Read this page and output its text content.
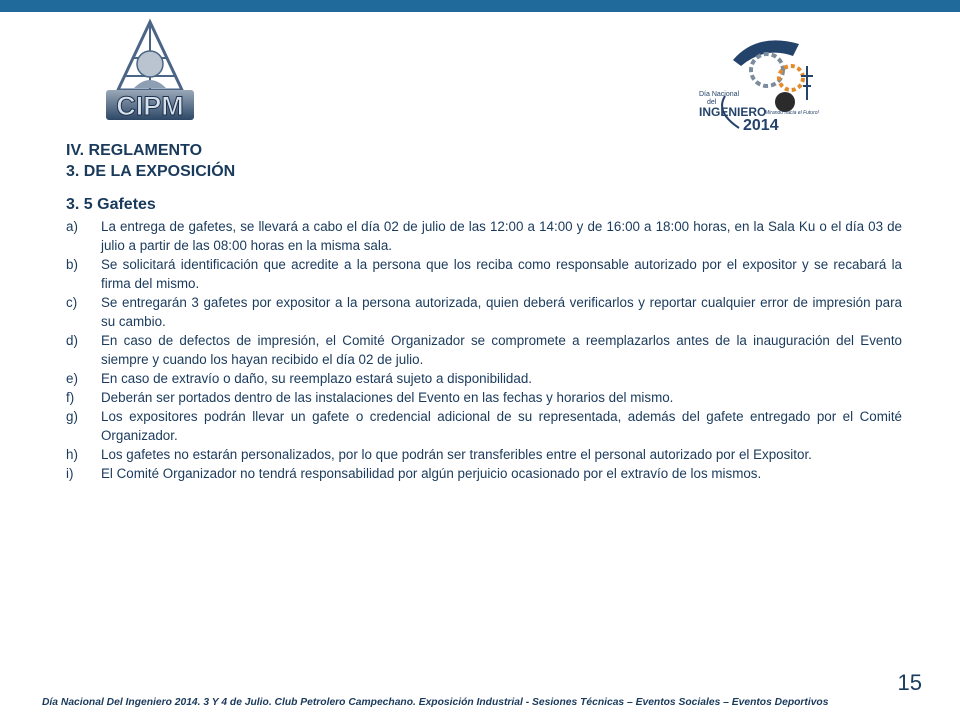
CIPM	Día Nacional
del
INGENIERO
Mirando hacia el Futuro!
2014
IV. REGLAMENTO
3. DE LA EXPOSICIÓN
3. 5 Gafetes
a)	La entrega de gafetes, se llevará a cabo el día 02 de julio de las 12:00 a 14:00 y de 16:00 a 18:00 horas, en la Sala Ku o el día 03 de julio a partir de las 08:00 horas en la misma sala.
b)	Se solicitará identificación que acredite a la persona que los reciba como responsable autorizado por el expositor y se recabará la firma del mismo.
c)	Se entregarán 3 gafetes por expositor a la persona autorizada, quien deberá verificarlos y reportar cualquier error de impresión para su cambio.
d)	En caso de defectos de impresión, el Comité Organizador se compromete a reemplazarlos antes de la inauguración del Evento siempre y cuando los hayan recibido el día 02 de julio.
e)	En caso de extravío o daño, su reemplazo estará sujeto a disponibilidad.
f)	Deberán ser portados dentro de las instalaciones del Evento en las fechas y horarios del mismo.
g)	Los expositores podrán llevar un gafete o credencial adicional de su representada, además del gafete entregado por el Comité Organizador.
h)	Los gafetes no estarán personalizados, por lo que podrán ser transferibles entre el personal autorizado por el Expositor.
i)	El Comité Organizador no tendrá responsabilidad por algún perjuicio ocasionado por el extravío de los mismos.
15
Día Nacional Del Ingeniero 2014. 3 Y 4 de Julio. Club Petrolero Campechano. Exposición Industrial - Sesiones Técnicas – Eventos Sociales – Eventos Deportivos
